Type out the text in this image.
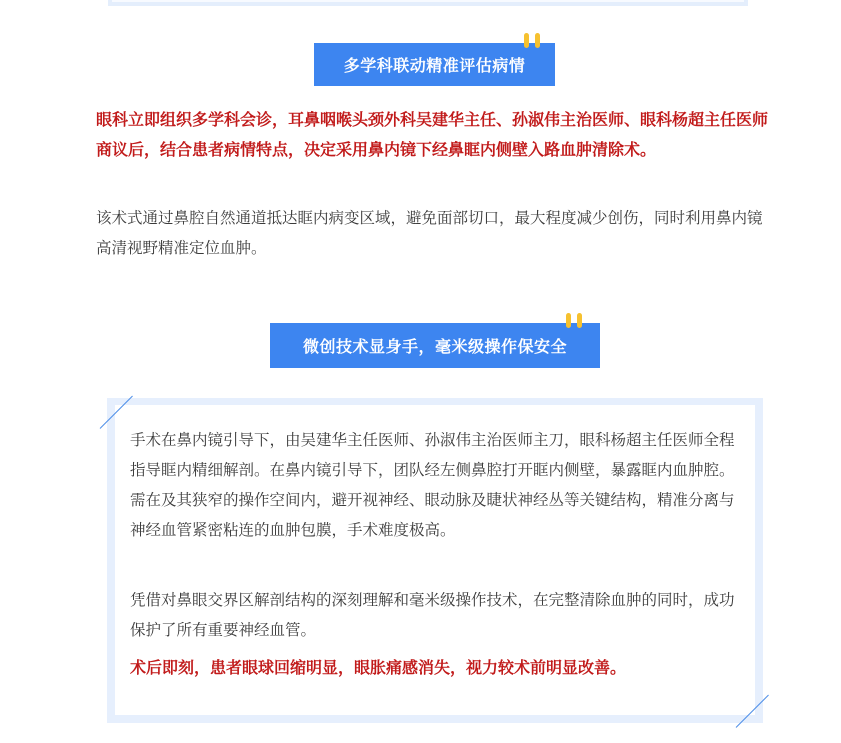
多学科联动精准评估病情

眼科立即组织多学科会诊，耳鼻咽喉头颈外科吴建华主任、孙淑伟主治医师、眼科杨超主任医师商议后，结合患者病情特点，决定采用鼻内镜下经鼻眶内侧壁入路血肿清除术。

该术式通过鼻腔自然通道抵达眶内病变区域，避免面部切口，最大程度减少创伤，同时利用鼻内镜高清视野精准定位血肿。

微创技术显身手，毫米级操作保安全

手术在鼻内镜引导下，由吴建华主任医师、孙淑伟主治医师主刀，眼科杨超主任医师全程指导眶内精细解剖。在鼻内镜引导下，团队经左侧鼻腔打开眶内侧壁，暴露眶内血肿腔。需在及其狭窄的操作空间内，避开视神经、眼动脉及睫状神经丛等关键结构，精准分离与神经血管紧密粘连的血肿包膜，手术难度极高。

凭借对鼻眼交界区解剖结构的深刻理解和毫米级操作技术，在完整清除血肿的同时，成功保护了所有重要神经血管。

术后即刻，患者眼球回缩明显，眼胀痛感消失，视力较术前明显改善。
